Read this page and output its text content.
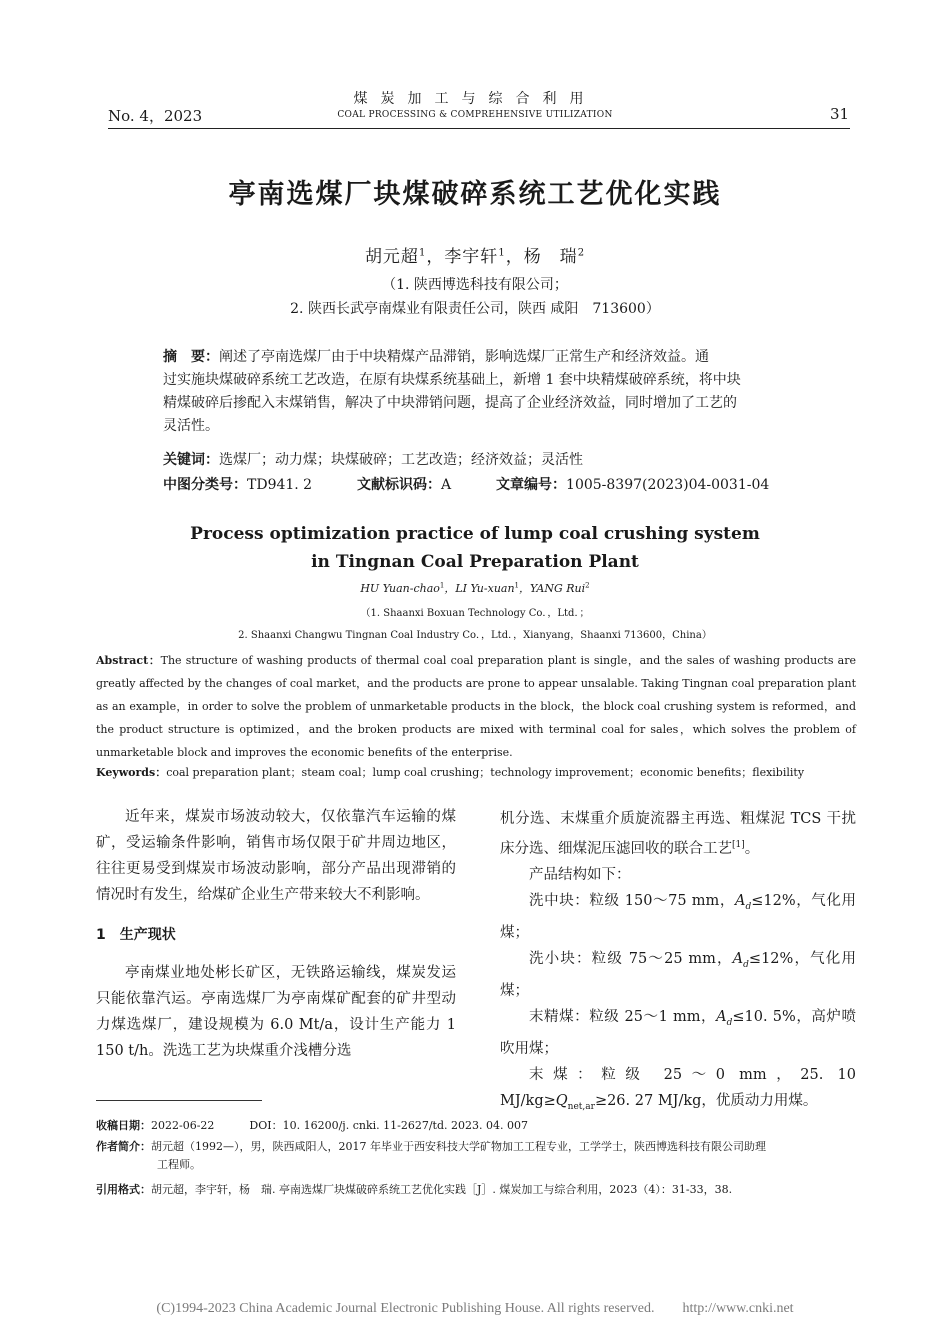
No. 4，2023
煤炭加工与综合利用
COAL PROCESSING & COMPREHENSIVE UTILIZATION	31
亭南选煤厂块煤破碎系统工艺优化实践
胡元超$^1$，李宇轩$^1$，杨　瑞$^2$
（1. 陕西博选科技有限公司；
2. 陕西长武亭南煤业有限责任公司，陕西 咸阳　713600）
摘　要：阐述了亭南选煤厂由于中块精煤产品滞销，影响选煤厂正常生产和经济效益。通
过实施块煤破碎系统工艺改造，在原有块煤系统基础上，新增 1 套中块精煤破碎系统，将中块
精煤破碎后掺配入末煤销售，解决了中块滞销问题，提高了企业经济效益，同时增加了工艺的
灵活性。
关键词：选煤厂；动力煤；块煤破碎；工艺改造；经济效益；灵活性
中图分类号：TD941. 2	文献标识码：A	文章编号：1005-8397(2023)04-0031-04
Process optimization practice of lump coal crushing system
in Tingnan Coal Preparation Plant
HU Yuan-chao$^1$，LI Yu-xuan$^1$，YANG Rui$^2$
（1. Shaanxi Boxuan Technology Co．，Ltd．；
2. Shaanxi Changwu Tingnan Coal Industry Co．，Ltd．，Xianyang，Shaanxi 713600，China）
Abstract：The structure of washing products of thermal coal coal preparation plant is single，and the sales of washing products are greatly affected by the changes of coal market，and the products are prone to appear unsalable. Taking Tingnan coal preparation plant as an example，in order to solve the problem of unmarketable products in the block，the block coal crushing system is reformed，and the product structure is optimized，and the broken products are mixed with terminal coal for sales，which solves the problem of unmarketable block and improves the economic benefits of the enterprise.
Keywords：coal preparation plant；steam coal；lump coal crushing；technology improvement；economic benefits；flexibility

近年来，煤炭市场波动较大，仅依靠汽车运输的煤矿，受运输条件影响，销售市场仅限于矿井周边地区，往往更易受到煤炭市场波动影响，部分产品出现滞销的情况时有发生，给煤矿企业生产带来较大不利影响。

1　生产现状

亭南煤业地处彬长矿区，无铁路运输线，煤炭发运只能依靠汽运。亭南选煤厂为亭南煤矿配套的矿井型动力煤选煤厂，建设规模为 6.0 Mt/a，设计生产能力 1 150 t/h。洗选工艺为块煤重介浅槽分选

机分选、末煤重介质旋流器主再选、粗煤泥 TCS 干扰床分选、细煤泥压滤回收的联合工艺[1]。

产品结构如下：

洗中块：粒级 150～75 mm，$A_d\le 12\%$，气化用煤；

洗小块：粒级 75～25 mm，$A_d\le 12\%$，气化用煤；

末精煤：粒级 25～1 mm，$A_d\le 10$. 5%，高炉喷吹用煤；

末煤：粒级 25～0 mm，25. 10 $MJ/kg\ge Q_{net,ar}\ge 26$. 27 MJ/kg，优质动力用煤。

收稿日期：2022-06-22	DOI：10. 16200/j. cnki. 11-2627/td. 2023. 04. 007
作者简介：胡元超（1992—），男，陕西咸阳人，2017 年毕业于西安科技大学矿物加工工程专业，工学学士，陕西博选科技有限公司助理
工程师。
引用格式：胡元超，李宇轩，杨　瑞. 亭南选煤厂块煤破碎系统工艺优化实践［J］. 煤炭加工与综合利用，2023（4）：31-33，38.
(C)1994-2023 China Academic Journal Electronic Publishing House. All rights reserved.　　http://www.cnki.net
